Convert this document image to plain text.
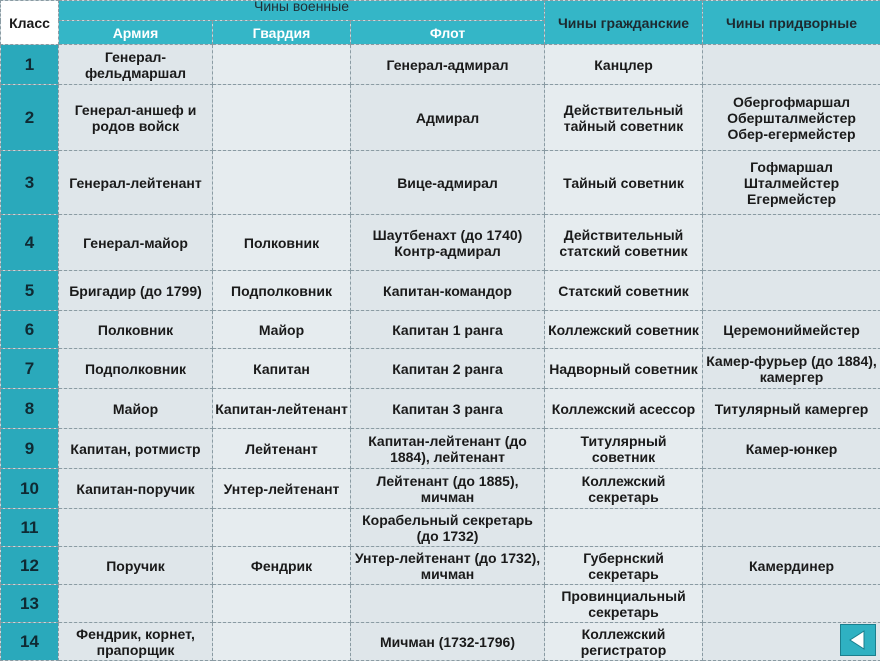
Класс	Чины военные			Чины гражданские	Чины придворные
	Армия	Гвардия	Флот		
1	Генерал-фельдмаршал		Генерал-адмирал	Канцлер	
2	Генерал-аншеф и родов войск		Адмирал	Действительный тайный советник	Обергофмаршал Обершталмейстер Обер-егермейстер
3	Генерал-лейтенант		Вице-адмирал	Тайный советник	Гофмаршал Шталмейстер Егермейстер
4	Генерал-майор	Полковник	Шаутбенахт (до 1740) Контр-адмирал	Действительный статский советник	
5	Бригадир (до 1799)	Подполковник	Капитан-командор	Статский советник	
6	Полковник	Майор	Капитан 1 ранга	Коллежский советник	Церемониймейстер
7	Подполковник	Капитан	Капитан 2 ранга	Надворный советник	Камер-фурьер (до 1884), камергер
8	Майор	Капитан-лейтенант	Капитан 3 ранга	Коллежский асессор	Титулярный камергер
9	Капитан, ротмистр	Лейтенант	Капитан-лейтенант (до 1884), лейтенант	Титулярный советник	Камер-юнкер
10	Капитан-поручик	Унтер-лейтенант	Лейтенант (до 1885), мичман	Коллежский секретарь	
11			Корабельный секретарь (до 1732)		
12	Поручик	Фендрик	Унтер-лейтенант (до 1732), мичман	Губернский секретарь	Камердинер
13				Провинциальный секретарь	
14	Фендрик, корнет, прапорщик		Мичман (1732-1796)	Коллежский регистратор	
